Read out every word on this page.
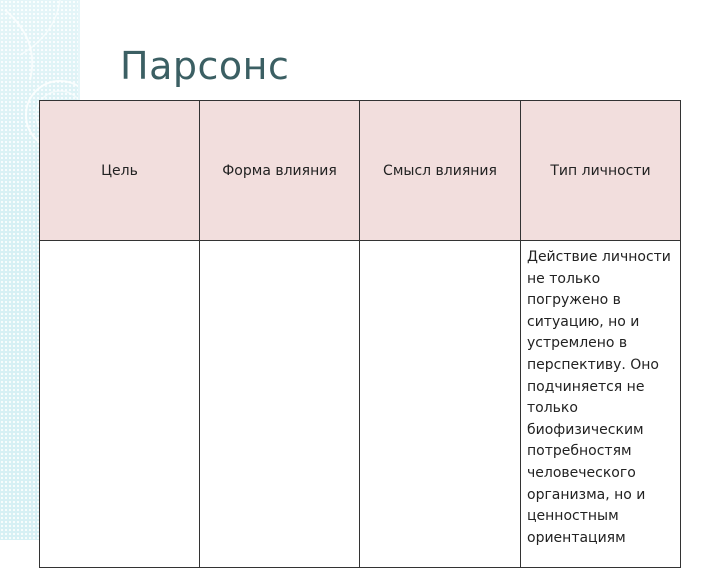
Парсонс
Цель	Форма влияния	Смысл влияния	Тип личности
			Действие личности не только погружено в ситуацию, но и устремлено в перспективу. Оно подчиняется не только биофизическим потребностям человеческого организма, но и ценностным ориентациям
